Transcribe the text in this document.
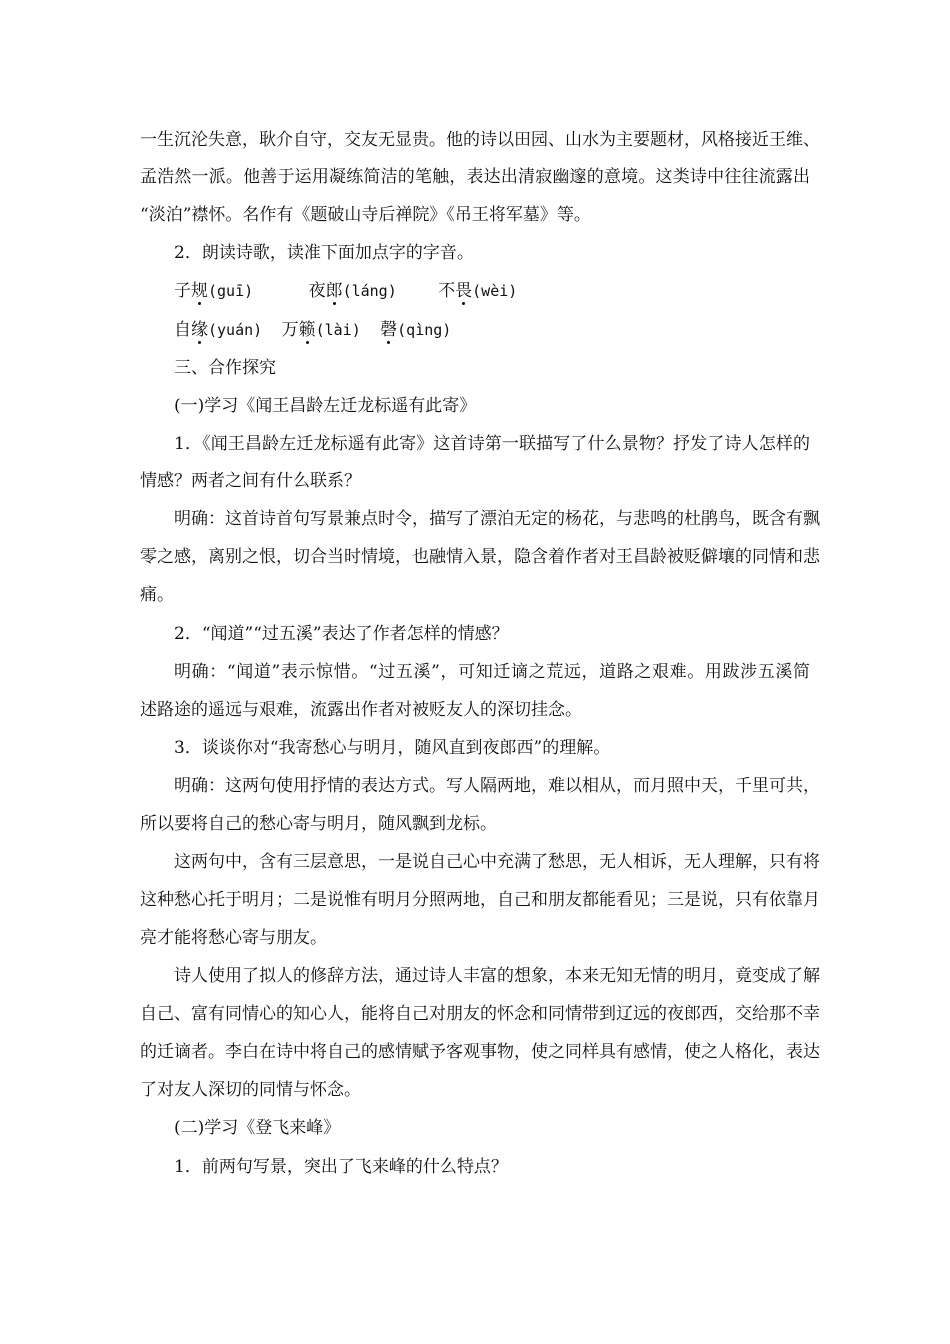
一生沉沦失意，耿介自守，交友无显贵。他的诗以田园、山水为主要题材，风格接近王维、
孟浩然一派。他善于运用凝练简洁的笔触，表达出清寂幽邃的意境。这类诗中往往流露出
“淡泊”襟怀。名作有《题破山寺后禅院》《吊王将军墓》等。
2．朗读诗歌，读准下面加点字的字音。
子规
(guī)	夜郎
(láng) 不畏
(wèi)
自缘
(yuán) 万籁
(lài) 磬
(qìng)
三、合作探究
(一)学习《闻王昌龄左迁龙标遥有此寄》
1．《闻王昌龄左迁龙标遥有此寄》这首诗第一联描写了什么景物？抒发了诗人怎样的
情感？两者之间有什么联系？
明确：这首诗首句写景兼点时令，描写了漂泊无定的杨花，与悲鸣的杜鹃鸟，既含有飘
零之感，离别之恨，切合当时情境，也融情入景，隐含着作者对王昌龄被贬僻壤的同情和悲
痛。
2．“闻道”“过五溪”表达了作者怎样的情感？
明确：“闻道”表示惊惜。“过五溪”，可知迁谪之荒远，道路之艰难。用跋涉五溪简
述路途的遥远与艰难，流露出作者对被贬友人的深切挂念。
3．谈谈你对“我寄愁心与明月，随风直到夜郎西”的理解。
明确：这两句使用抒情的表达方式。写人隔两地，难以相从，而月照中天，千里可共，
所以要将自己的愁心寄与明月，随风飘到龙标。
这两句中，含有三层意思，一是说自己心中充满了愁思，无人相诉，无人理解，只有将
这种愁心托于明月；二是说惟有明月分照两地，自己和朋友都能看见；三是说，只有依靠月
亮才能将愁心寄与朋友。
诗人使用了拟人的修辞方法，通过诗人丰富的想象，本来无知无情的明月，竟变成了解
自己、富有同情心的知心人，能将自己对朋友的怀念和同情带到辽远的夜郎西，交给那不幸
的迁谪者。李白在诗中将自己的感情赋予客观事物，使之同样具有感情，使之人格化，表达
了对友人深切的同情与怀念。
(二)学习《登飞来峰》
1．前两句写景，突出了飞来峰的什么特点？
